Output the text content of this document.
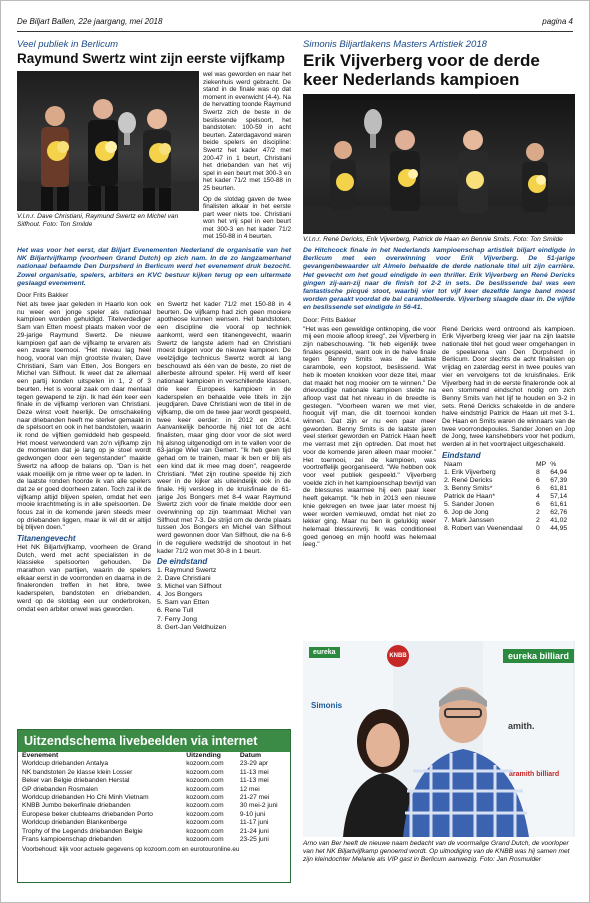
De Biljart Ballen, 22e jaargang, mei 2018	pagina 4

Veel publiek in Berlicum

Raymund Swertz wint zijn eerste vijfkamp
V.l.n.r. Dave Christiani, Raymund Swertz en Michel van Silfhout. Foto: Ton Smilde

wel was geworden en naar het ziekenhuis werd gebracht. De stand in de finale was op dat moment in evenwicht (4-4). Na de hervatting toonde Raymund Swertz zich de beste in de beslissende spelsoort, het bandstoten: 100-59 in acht beurten. Zaterdagavond waren beide spelers en discipline: Swertz het kader 47/2 met 200-47 in 1 beurt, Christiani het driebanden van het vrij spel in een beurt met 300-3 en het kader 71/2 met 150-88 in 25 beurten.

Op de slotdag gaven de twee finalisten alkaar in het eerste part weer niets toe. Christiani won het vrij spel in een beurt met 300-3 en het kader 71/2 met 150-88 in 4 beurten.

Het was voor het eerst, dat Biljart Evenementen Nederland de organisatie van het NK Biljartvijfkamp (voorheen Grand Dutch) op zich nam. In de zo langzamerhand nationaal befaamde Den Durpsherd in Berlicum werd het evenement druk bezocht. Zowel organisatie, spelers, arbiters en KVC bestuur kijken terug op een uitermate geslaagd evenement.
Door Frits Bakker

Net als twee jaar geleden in Haarlo kon ook nu weer een jonge speler als nationaal kampioen worden gehuldigd. Titelverdediger Sam van Etten moest plaats maken voor de 29-jarige Raymund Swertz. De nieuwe kampioen gaf aan de vijfkamp te ervaren als een zware toernooi. "Het niveau lag heel hoog, vooral van mijn grootste rivalen, Dave Christiani, Sam van Etten, Jos Bongers en Michel van Silfhout. Ik weet dat ze allemaal een partij konden uitspelen in 1, 2 of 3 beurten. Het is vooral zaak om daar mentaal tegen gewapend te zijn. Ik had één keer een finale in de vijfkamp verloren van Christiani. Deze winst voelt heerlijk. De omschakeling naar driebanden heeft me sterker gemaakt in de spelsoort en ook in het bandstoten, waarin ik rond de vijftien gemiddeld heb gespeeld. Het moest verwonderd van zo'n vijfkamp zijn de momenten dat je lang op je stoel wordt gedwongen door een tegenstander" maakte Swertz na afloop de balans op. "Dan is het vaak moeilijk om je ritme weer op te laden. In de laatste ronden hoorde ik van alle spelers dat ze er goed doorheen zaten. Toch zal ik de vijfkamp altijd blijven spelen, omdat het een mooie krachtmeting is in alle spelsoorten. De focus zal in de komende jaren steeds meer op driebanden liggen, maar ik wil dit er altijd bij blijven doen."

Titanengevecht

Het NK Biljartvijfkamp, voorheen de Grand Dutch, werd met acht specialisten in de klassieke spelsoorten gehouden. De marathon van partijen, waarin de spelers elkaar eerst in de voorronden en daarna in de finaleronden treffen in het libre, twee kaderspelen, bandstoten en driebanden, werd op de slotdag een uur onderbroken, omdat een arbiter onwel was geworden.

en Swertz het kader 71/2 met 150-88 in 4 beurten. De vijfkamp had zich geen mooiere apotheose kunnen wensen. Het bandstoten, een discipline die vooral op techniek aankomt, werd een titanengevecht, waarin Swertz de langste adem had en Christiani moest buigen voor de nieuwe kampioen. De veelzijdige technicus Swertz wordt al lang beschouwd als één van de beste, zo niet de allerbeste allround speler. Hij werd elf keer nationaal kampioen in verschillende klassen, drie keer Europees kampioen in de kaderspelen en behaalde vele titels in zijn jeugdjaren. Dave Christiani won de titel in de vijfkamp, die om de twee jaar wordt gespeeld, twee keer eerder: in 2012 en 2014. Aanvankelijk behoorde hij niet tot de acht finalisten, maar ging door voor de slot werd hij alsnog uitgenodigd om in te vallen voor de 63-jarige Wiel van Gemert. "Ik heb geen tijd gehad om te trainen, maar ik ben er blij als een kind dat ik mee mag doen", reageerde Christiani. "Met zijn routine speelde hij zich weer in de kijker als uiteindelijk ook in de finale. Hij versloeg in de kruisfinale de 61-jarige Jos Bongers met 8-4 waar Raymund Swertz zich voor de finale meldde door een overwinning op zijn teammaat Michel van Silfhout met 7-3. De strijd om de derde plaats tussen Jos Bongers en Michel van Silfhout werd gewonnen door Van Silfhout, die na 6-6 in de reguliere wedstrijd de shootout in het kader 71/2 won met 30-8 in 1 beurt.

De eindstand
1. Raymund Swertz
2. Dave Christiani
3. Michel van Silfhout
4. Jos Bongers
5. Sam van Etten
6. Rene Tull
7. Ferry Jong
8. Gert-Jan Veldhuizen
Uitzendschema livebeelden via internet
Evenement	Uitzending	Datum
Worldcup driebanden Antalya	kozoom.com	23-29 apr
NK bandstoten 2e klasse klein Losser	kozoom.com	11-13 mei
Beker van Belgie driebanden Herstal	kozoom.com	11-13 mei
GP driebanden Rosmalen	kozoom.com	12 mei
Worldcup driebanden Ho Chi Minh Vietnam	kozoom.com	21-27 mei
KNBB Jumbo bekerfinale driebanden	kozoom.com	30 mei-2 juni
Europese beker clubteams driebanden Porto	kozoom.com	9-10 juni
Worldcup driebanden Blankenberge	kozoom.com	11-17 juni
Trophy of the Legends driebanden Belgie	kozoom.com	21-24 juni
Frans kampioenschap driebanden	kozoom.com	23-25 juni
Voorbehoud: kijk voor actuele gegevens op kozoom.com en eurotouronline.eu

Simonis Biljartlakens Masters Artistiek 2018

Erik Vijverberg voor de derde keer Nederlands kampioen
V.l.n.r. René Dericks, Erik Vijverberg, Patrick de Haan en Bennie Smits. Foto: Ton Smilde
De Hitchcock finale in het Nederlands kampioenschap artistiek biljart eindigde in Berlicum met een overwinning voor Erik Vijverberg. De 51-jarige gevangenbewaarder uit Almelo behaalde de derde nationale titel uit zijn carrière. Het gevecht om het goud eindigde in een thriller. Erik Vijverberg en René Dericks gingen zij-aan-zij naar de finish tot 2-2 in sets. De beslissende bal was een fantastische picqué stoot, waarbij vier tot vijf keer dezelfde lange band moest worden geraakt voordat de bal carambolleerde. Vijverberg slaagde daar in. De vijfde en beslissende set eindigde in 56-41.
Door: Frits Bakker

"Het was een geweldige ontknoping, die voor mij een mooie afloop kreeg", zei Vijverberg in zijn nabeschouwing. "Ik heb eigenlijk twee finales gespeeld, want ook in de halve finale tegen Benny Smits was de laatste carambole, een kopstoot, beslissend. Wat heb ik moeten knokken voor deze titel, maar dat maakt het nog mooier om te winnen." De drievoudige nationale kampioen stelde na afloop vast dat het niveau in de breedte is gestegen. "Voorheen waren we met vier, hooguit vijf man, die dit toernooi konden winnen. Dat zijn er nu een paar meer geworden. Benny Smits is de laatste jaren veel sterker geworden en Patrick Haan heeft me verrast met zijn optreden. Dat moet het voor de komende jaren alleen maar mooier." Het toernooi, zei de kampioen, was voortreffelijk georganiseerd. "We hebben ook voor veel publiek gespeeld." Vijverberg voelde zich in het kampioenschap bevrijd van de blessures waarmee hij een paar keer heeft gekampt. "Ik heb in 2013 een nieuwe knie gekregen en twee jaar later moest hij weer worden vernieuwd, omdat het niet zo lekker ging. Maar nu ben ik gelukkig weer helemaal blessurevrij. Ik was conditioneel goed genoeg en mijn hoofd was helemaal leeg."

René Dericks werd ontroond als kampioen. Erik Vijverberg kreeg vier jaar na zijn laatste nationale titel het goud weer omgehangen in de speelarena van Den Durpsherd in Berlicum. Door slechts de acht finalisten op vrijdag en zaterdag eerst in twee poules van vier en vervolgens tot de kruisfinales. Erik Vijverberg had in de eerste finaleronde ook al een stommend eindschot nodig om zich Benny Smits van het lijf te houden en 3-2 in sets. René Dericks schakelde in de andere halve eindstrijd Patrick de Haan uit met 3-1. De Haan en Smits waren de winnaars van de twee voorrondepoules. Sander Jonen en Jop de Jong, twee kanshebbers voor het podium, werden al in het voortraject uitgeschakeld.

Eindstand
Naam	MP	%
1. Erik Vijverberg	8	64,94
2. René Dericks	6	67,39
3. Benny Smits*	6	61,81
Patrick de Haan*	4	57,14
5. Sander Jonen	6	61,61
6. Jop de Jong	2	62,76
7. Mark Janssen	2	41,02
8. Robert van Veenendaal	0	44,95
eureka	KNBB	eureka billiard
Simonis
amith.
aramith billiard
Arno van Ber heeft de nieuwe naam bedacht van de voormalige Grand Dutch, de voorloper van het NK Biljartvijfkamp genoemd wordt. Op uitnodiging van de KNBB was hij samen met zijn kleindochter Melanie als VIP gast in Berlicum aanwezig. Foto: Jan Rosmulder
